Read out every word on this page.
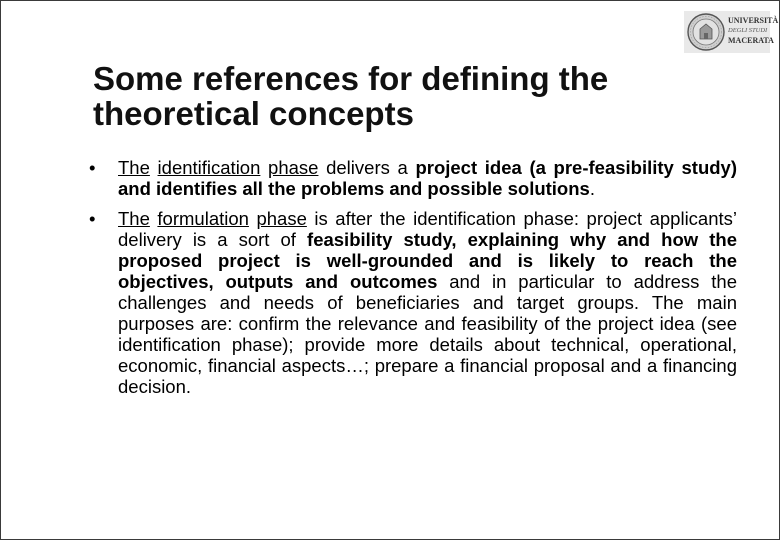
UNIVERSITÀ
DEGLI STUDI
MACERATA
Some references for defining the
theoretical concepts
• The identification phase delivers a project idea (a pre-feasibility study) and identifies all the problems and possible solutions.
• The formulation phase is after the identification phase: project applicants’ delivery is a sort of feasibility study, explaining why and how the proposed project is well-grounded and is likely to reach the objectives, outputs and outcomes and in particular to address the challenges and needs of beneficiaries and target groups. The main purposes are: confirm the relevance and feasibility of the project idea (see identification phase); provide more details about technical, operational, economic, financial aspects…; prepare a financial proposal and a financing decision.
